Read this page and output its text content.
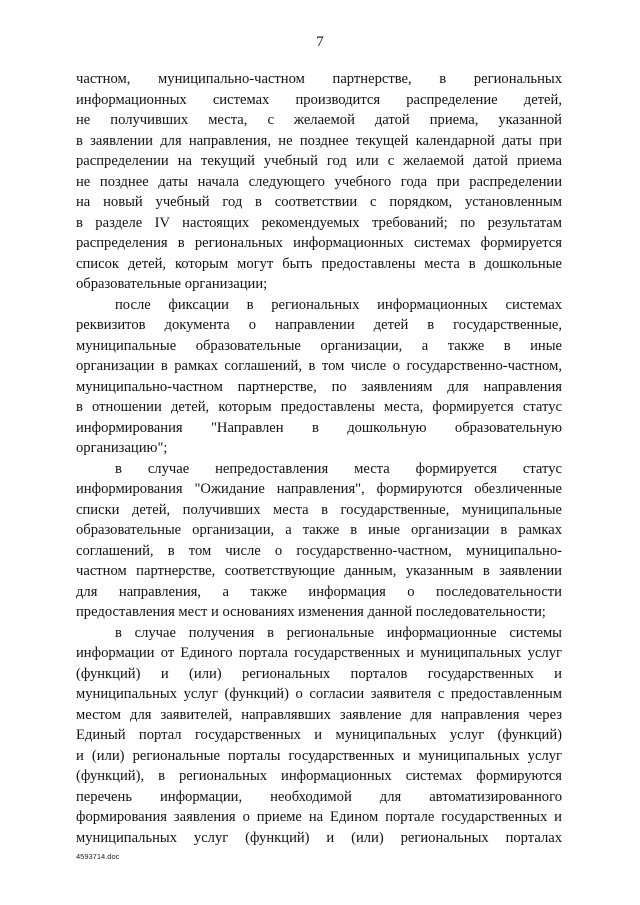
7
частном, муниципально-частном партнерстве, в региональных
информационных системах производится распределение детей,
не получивших места, с желаемой датой приема, указанной
в заявлении для направления, не позднее текущей календарной даты при
распределении на текущий учебный год или с желаемой датой приема
не позднее даты начала следующего учебного года при распределении
на новый учебный год в соответствии с порядком, установленным
в разделе IV настоящих рекомендуемых требований; по результатам
распределения в региональных информационных системах формируется
список детей, которым могут быть предоставлены места в дошкольные
образовательные организации;
после фиксации в региональных информационных системах
реквизитов документа о направлении детей в государственные,
муниципальные образовательные организации, а также в иные
организации в рамках соглашений, в том числе о государственно-частном,
муниципально-частном партнерстве, по заявлениям для направления
в отношении детей, которым предоставлены места, формируется статус
информирования "Направлен в дошкольную образовательную
организацию";
в случае непредоставления места формируется статус
информирования "Ожидание направления", формируются обезличенные
списки детей, получивших места в государственные, муниципальные
образовательные организации, а также в иные организации в рамках
соглашений, в том числе о государственно-частном, муниципально-
частном партнерстве, соответствующие данным, указанным в заявлении
для направления, а также информация о последовательности
предоставления мест и основаниях изменения данной последовательности;
в случае получения в региональные информационные системы
информации от Единого портала государственных и муниципальных услуг
(функций) и (или) региональных порталов государственных и
муниципальных услуг (функций) о согласии заявителя с предоставленным
местом для заявителей, направлявших заявление для направления через
Единый портал государственных и муниципальных услуг (функций)
и (или) региональные порталы государственных и муниципальных услуг
(функций), в региональных информационных системах формируются
перечень информации, необходимой для автоматизированного
формирования заявления о приеме на Едином портале государственных и
муниципальных услуг (функций) и (или) региональных порталах
4593714.doc
